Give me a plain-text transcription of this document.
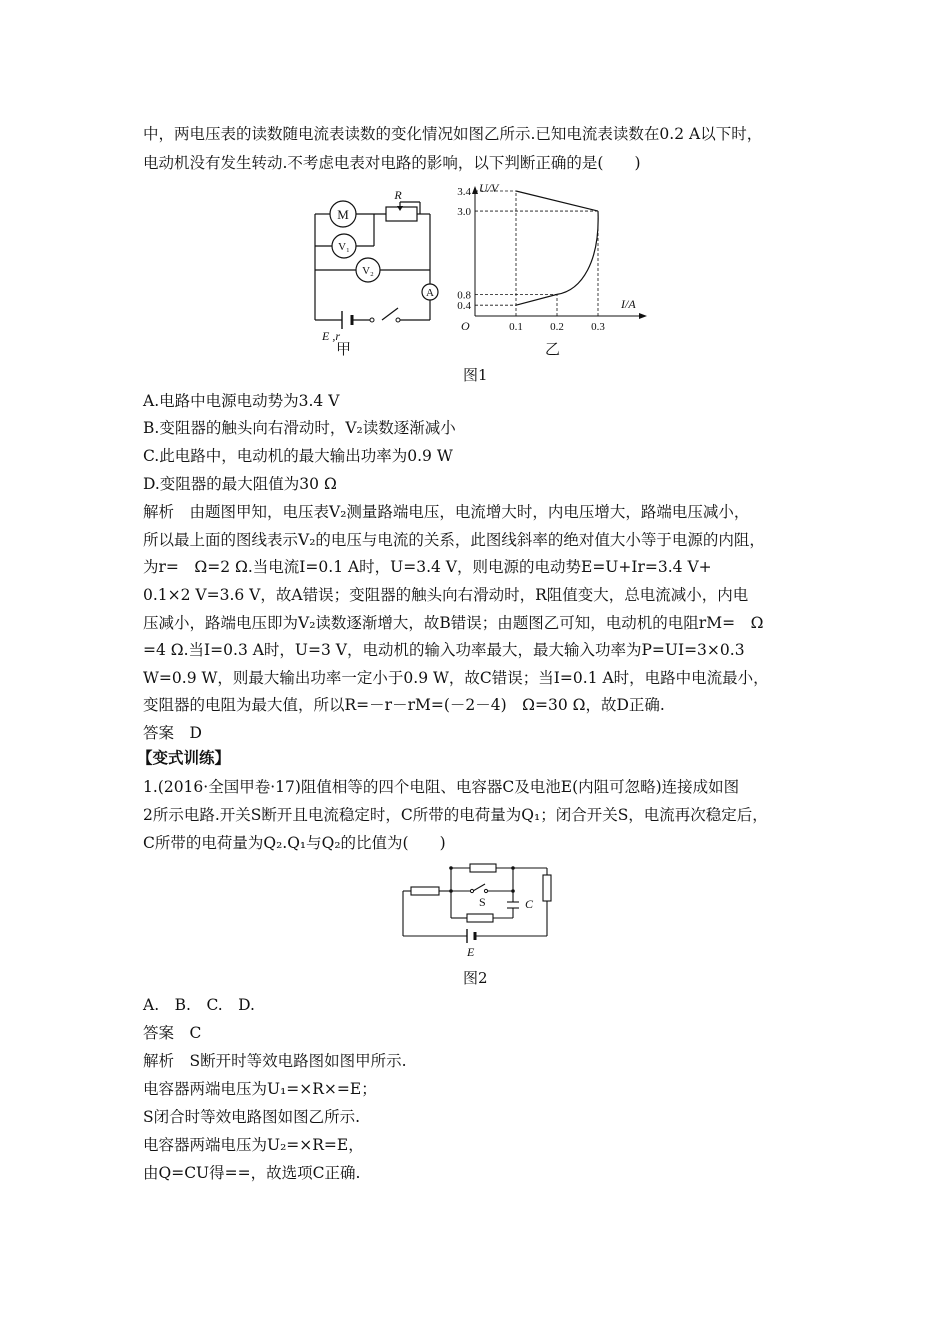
中，两电压表的读数随电流表读数的变化情况如图乙所示.已知电流表读数在0.2 A以下时，
电动机没有发生转动.不考虑电表对电路的影响，以下判断正确的是(　　)
M
R
V₁
V₂
A
E ,r
U/V
I/A
O
0.4
0.8
3.0
3.4
0.1 0.2 0.3
甲	乙
图1
A.电路中电源电动势为3.4 V
B.变阻器的触头向右滑动时，V₂读数逐渐减小
C.此电路中，电动机的最大输出功率为0.9 W
D.变阻器的最大阻值为30 Ω
解析　由题图甲知，电压表V₂测量路端电压，电流增大时，内电压增大，路端电压减小，
所以最上面的图线表示V₂的电压与电流的关系，此图线斜率的绝对值大小等于电源的内阻，
为r=　Ω=2 Ω.当电流I=0.1 A时，U=3.4 V，则电源的电动势E=U+Ir=3.4 V+
0.1×2 V=3.6 V，故A错误；变阻器的触头向右滑动时，R阻值变大，总电流减小，内电
压减小，路端电压即为V₂读数逐渐增大，故B错误；由题图乙可知，电动机的电阻rM=　Ω
=4 Ω.当I=0.3 A时，U=3 V，电动机的输入功率最大，最大输入功率为P=UI=3×0.3
W=0.9 W，则最大输出功率一定小于0.9 W，故C错误；当I=0.1 A时，电路中电流最小，
变阻器的电阻为最大值，所以R=－r－rM=(－2－4)　Ω=30 Ω，故D正确.
答案　D
【变式训练】
1.(2016·全国甲卷·17)阻值相等的四个电阻、电容器C及电池E(内阻可忽略)连接成如图
2所示电路.开关S断开且电流稳定时，C所带的电荷量为Q₁；闭合开关S，电流再次稳定后，
C所带的电荷量为Q₂.Q₁与Q₂的比值为(　　)
S	C
E
图2
A.　B.　C.　D.
答案　C
解析　S断开时等效电路图如图甲所示.
电容器两端电压为U₁=×R×=E；
S闭合时等效电路图如图乙所示.
电容器两端电压为U₂=×R=E，
由Q=CU得==，故选项C正确.
